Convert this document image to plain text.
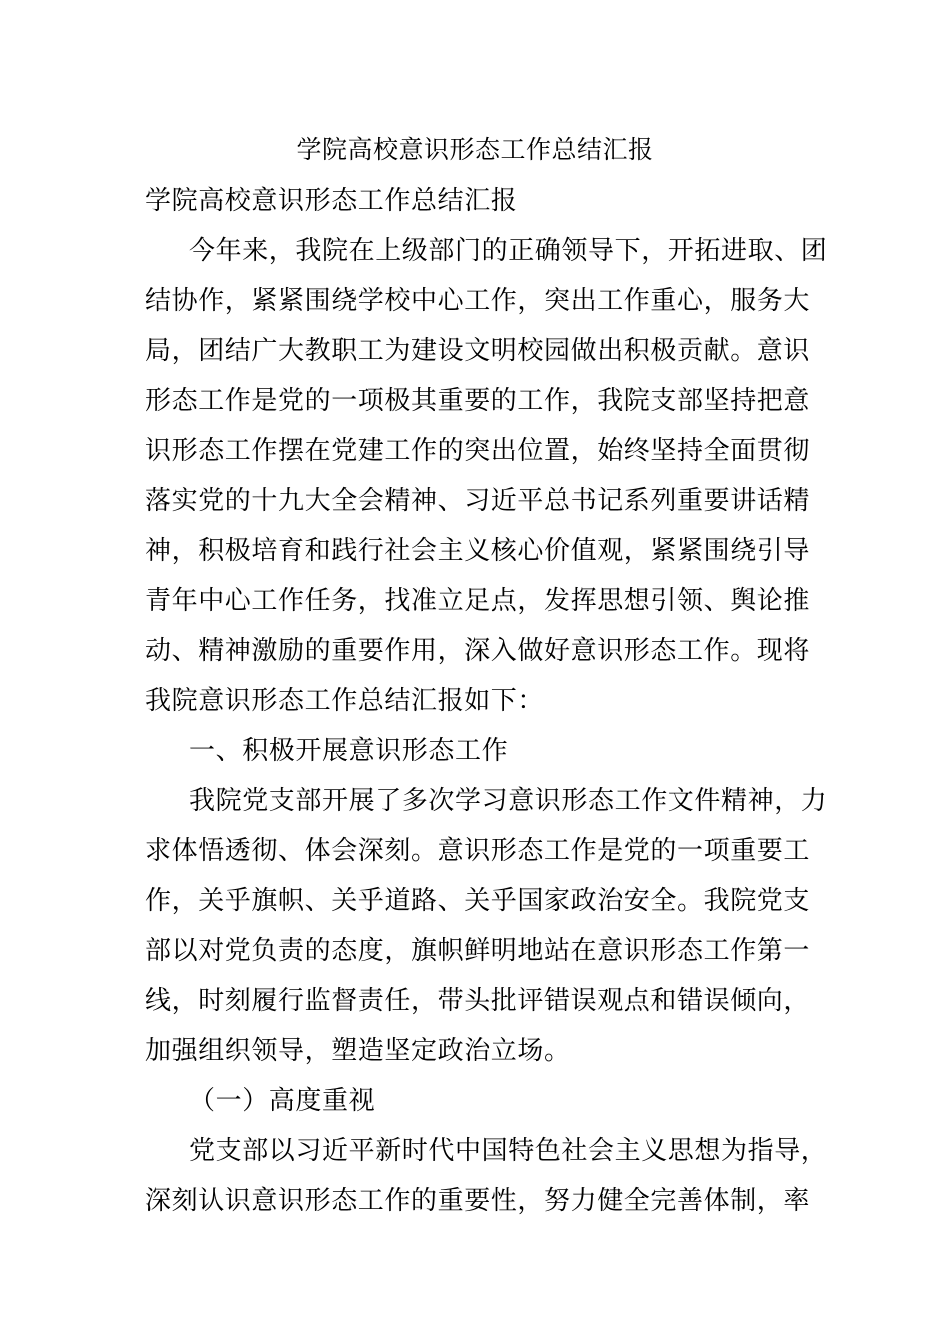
学院高校意识形态工作总结汇报
学院高校意识形态工作总结汇报
今年来，我院在上级部门的正确领导下，开拓进取、团
结协作，紧紧围绕学校中心工作，突出工作重心，服务大
局，团结广大教职工为建设文明校园做出积极贡献。意识
形态工作是党的一项极其重要的工作，我院支部坚持把意
识形态工作摆在党建工作的突出位置，始终坚持全面贯彻
落实党的十九大全会精神、习近平总书记系列重要讲话精
神，积极培育和践行社会主义核心价值观，紧紧围绕引导
青年中心工作任务，找准立足点，发挥思想引领、舆论推
动、精神激励的重要作用，深入做好意识形态工作。现将
我院意识形态工作总结汇报如下：
一、积极开展意识形态工作
我院党支部开展了多次学习意识形态工作文件精神，力
求体悟透彻、体会深刻。意识形态工作是党的一项重要工
作，关乎旗帜、关乎道路、关乎国家政治安全。我院党支
部以对党负责的态度，旗帜鲜明地站在意识形态工作第一
线，时刻履行监督责任，带头批评错误观点和错误倾向，
加强组织领导，塑造坚定政治立场。
（一）高度重视
党支部以习近平新时代中国特色社会主义思想为指导，
深刻认识意识形态工作的重要性，努力健全完善体制，率
